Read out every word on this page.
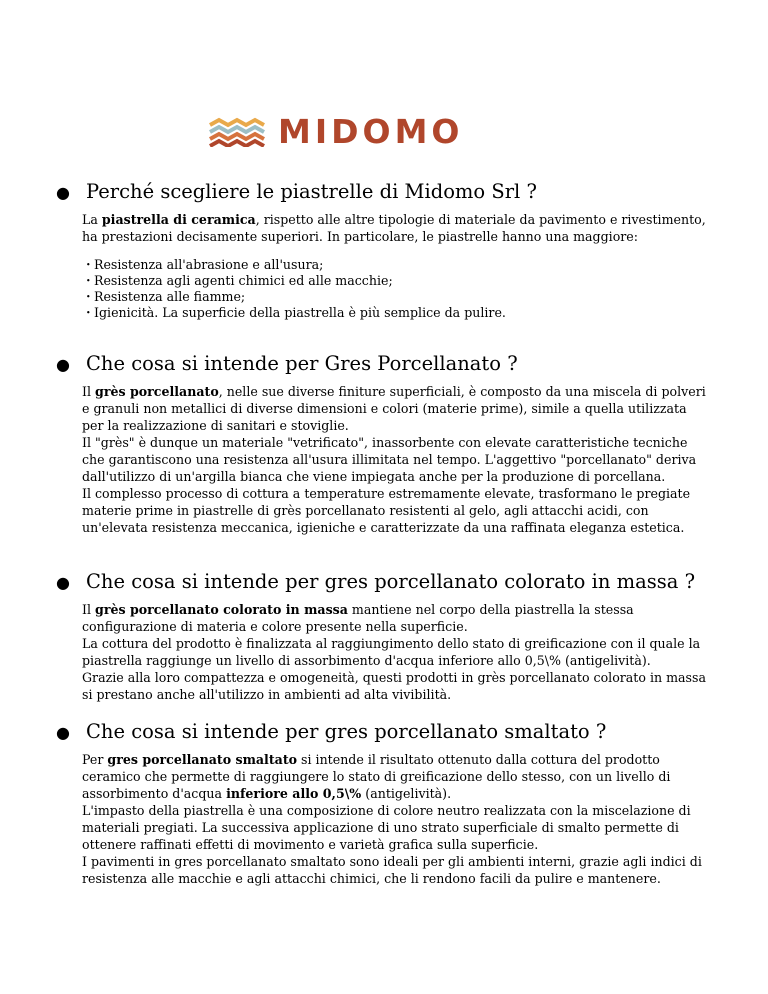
MIDOMO
● Perché scegliere le piastrelle di Midomo Srl ?

La piastrella di ceramica, rispetto alle altre tipologie di materiale da pavimento e rivestimento, ha prestazioni decisamente superiori. In particolare, le piastrelle hanno una maggiore:

・ Resistenza all'abrasione e all'usura;
・ Resistenza agli agenti chimici ed alle macchie;
・ Resistenza alle fiamme;
・ Igienicità. La superficie della piastrella è più semplice da pulire.
● Che cosa si intende per Gres Porcellanato ?

Il grès porcellanato, nelle sue diverse finiture superficiali, è composto da una miscela di polveri e granuli non metallici di diverse dimensioni e colori (materie prime), simile a quella utilizzata per la realizzazione di sanitari e stoviglie.

Il "grès" è dunque un materiale "vetrificato", inassorbente con elevate caratteristiche tecniche che garantiscono una resistenza all'usura illimitata nel tempo. L'aggettivo "porcellanato" deriva dall'utilizzo di un'argilla bianca che viene impiegata anche per la produzione di porcellana.

Il complesso processo di cottura a temperature estremamente elevate, trasformano le pregiate materie prime in piastrelle di grès porcellanato resistenti al gelo, agli attacchi acidi, con un'elevata resistenza meccanica, igieniche e caratterizzate da una raffinata eleganza estetica.

● Che cosa si intende per gres porcellanato colorato in massa ?

Il grès porcellanato colorato in massa mantiene nel corpo della piastrella la stessa configurazione di materia e colore presente nella superficie.

La cottura del prodotto è finalizzata al raggiungimento dello stato di greificazione con il quale la piastrella raggiunge un livello di assorbimento d'acqua inferiore allo 0,5\% (antigelività).

Grazie alla loro compattezza e omogeneità, questi prodotti in grès porcellanato colorato in massa si prestano anche all'utilizzo in ambienti ad alta vivibilità.

● Che cosa si intende per gres porcellanato smaltato ?

Per gres porcellanato smaltato si intende il risultato ottenuto dalla cottura del prodotto ceramico che permette di raggiungere lo stato di greificazione dello stesso, con un livello di assorbimento d'acqua inferiore allo 0,5\% (antigelività).

L'impasto della piastrella è una composizione di colore neutro realizzata con la miscelazione di materiali pregiati. La successiva applicazione di uno strato superficiale di smalto permette di ottenere raffinati effetti di movimento e varietà grafica sulla superficie.

I pavimenti in gres porcellanato smaltato sono ideali per gli ambienti interni, grazie agli indici di resistenza alle macchie e agli attacchi chimici, che li rendono facili da pulire e mantenere.
